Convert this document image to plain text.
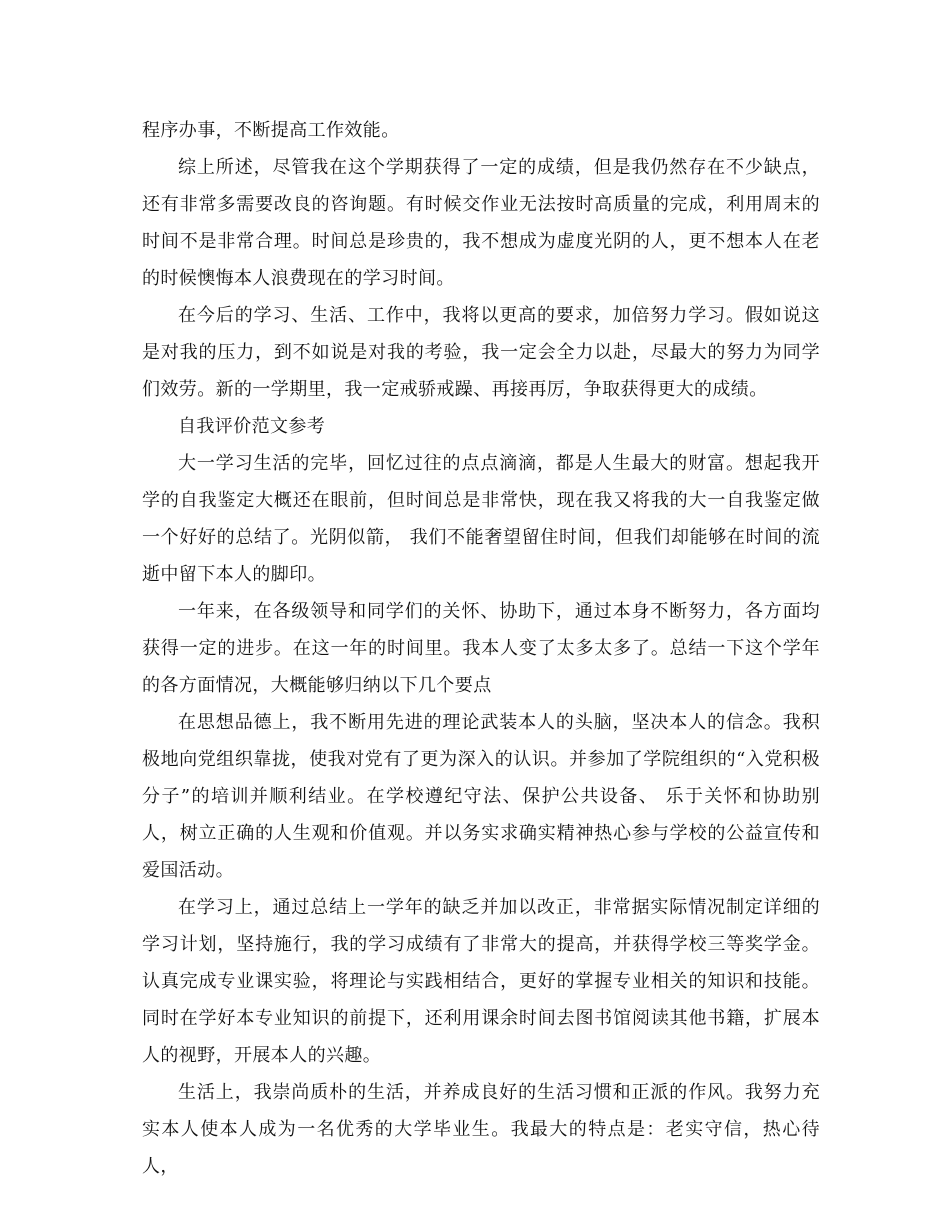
程序办事，不断提高工作效能。

综上所述，尽管我在这个学期获得了一定的成绩，但是我仍然存在不少缺点，还有非常多需要改良的咨询题。有时候交作业无法按时高质量的完成，利用周末的时间不是非常合理。时间总是珍贵的，我不想成为虚度光阴的人，更不想本人在老的时候懊悔本人浪费现在的学习时间。

在今后的学习、生活、工作中，我将以更高的要求，加倍努力学习。假如说这是对我的压力，到不如说是对我的考验，我一定会全力以赴，尽最大的努力为同学们效劳。新的一学期里，我一定戒骄戒躁、再接再厉，争取获得更大的成绩。

自我评价范文参考

大一学习生活的完毕，回忆过往的点点滴滴，都是人生最大的财富。想起我开学的自我鉴定大概还在眼前，但时间总是非常快，现在我又将我的大一自我鉴定做一个好好的总结了。光阴似箭， 我们不能奢望留住时间，但我们却能够在时间的流逝中留下本人的脚印。

一年来，在各级领导和同学们的关怀、协助下，通过本身不断努力，各方面均获得一定的进步。在这一年的时间里。我本人变了太多太多了。总结一下这个学年的各方面情况，大概能够归纳以下几个要点

在思想品德上，我不断用先进的理论武装本人的头脑，坚决本人的信念。我积极地向党组织靠拢，使我对党有了更为深入的认识。并参加了学院组织的“入党积极分子”的培训并顺利结业。在学校遵纪守法、保护公共设备、 乐于关怀和协助别人，树立正确的人生观和价值观。并以务实求确实精神热心参与学校的公益宣传和爱国活动。

在学习上，通过总结上一学年的缺乏并加以改正，非常据实际情况制定详细的学习计划，坚持施行，我的学习成绩有了非常大的提高，并获得学校三等奖学金。认真完成专业课实验，将理论与实践相结合，更好的掌握专业相关的知识和技能。同时在学好本专业知识的前提下，还利用课余时间去图书馆阅读其他书籍，扩展本人的视野，开展本人的兴趣。

生活上，我崇尚质朴的生活，并养成良好的生活习惯和正派的作风。我努力充实本人使本人成为一名优秀的大学毕业生。我最大的特点是：老实守信，热心待人，
